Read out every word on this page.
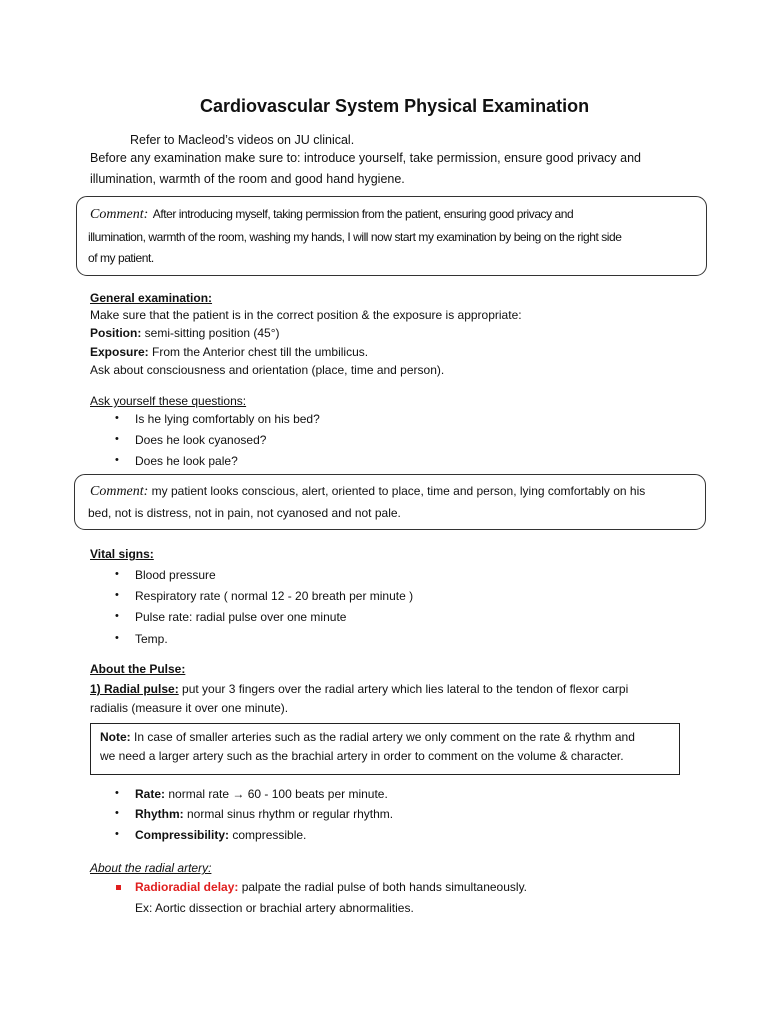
Cardiovascular System Physical Examination
Refer to Macleod’s videos on JU clinical.
Before any examination make sure to: introduce yourself, take permission, ensure good privacy and
illumination, warmth of the room and good hand hygiene.
Comment: After introducing myself, taking permission from the patient, ensuring good privacy and
illumination, warmth of the room, washing my hands, I will now start my examination by being on the right side
of my patient.
General examination:
Make sure that the patient is in the correct position & the exposure is appropriate:
Position: semi-sitting position (45°)
Exposure: From the Anterior chest till the umbilicus.
Ask about consciousness and orientation (place, time and person).
Ask yourself these questions:
• Is he lying comfortably on his bed?
• Does he look cyanosed?
• Does he look pale?
Comment: my patient looks conscious, alert, oriented to place, time and person, lying comfortably on his
bed, not is distress, not in pain, not cyanosed and not pale.
Vital signs:
• Blood pressure
• Respiratory rate ( normal 12 - 20 breath per minute )
• Pulse rate: radial pulse over one minute
• Temp.
About the Pulse:
1) Radial pulse: put your 3 fingers over the radial artery which lies lateral to the tendon of flexor carpi
radialis (measure it over one minute).
Note: In case of smaller arteries such as the radial artery we only comment on the rate & rhythm and
we need a larger artery such as the brachial artery in order to comment on the volume & character.
• Rate: normal rate → 60 - 100 beats per minute.
• Rhythm: normal sinus rhythm or regular rhythm.
• Compressibility: compressible.
About the radial artery:
Radioradial delay: palpate the radial pulse of both hands simultaneously.
Ex: Aortic dissection or brachial artery abnormalities.
